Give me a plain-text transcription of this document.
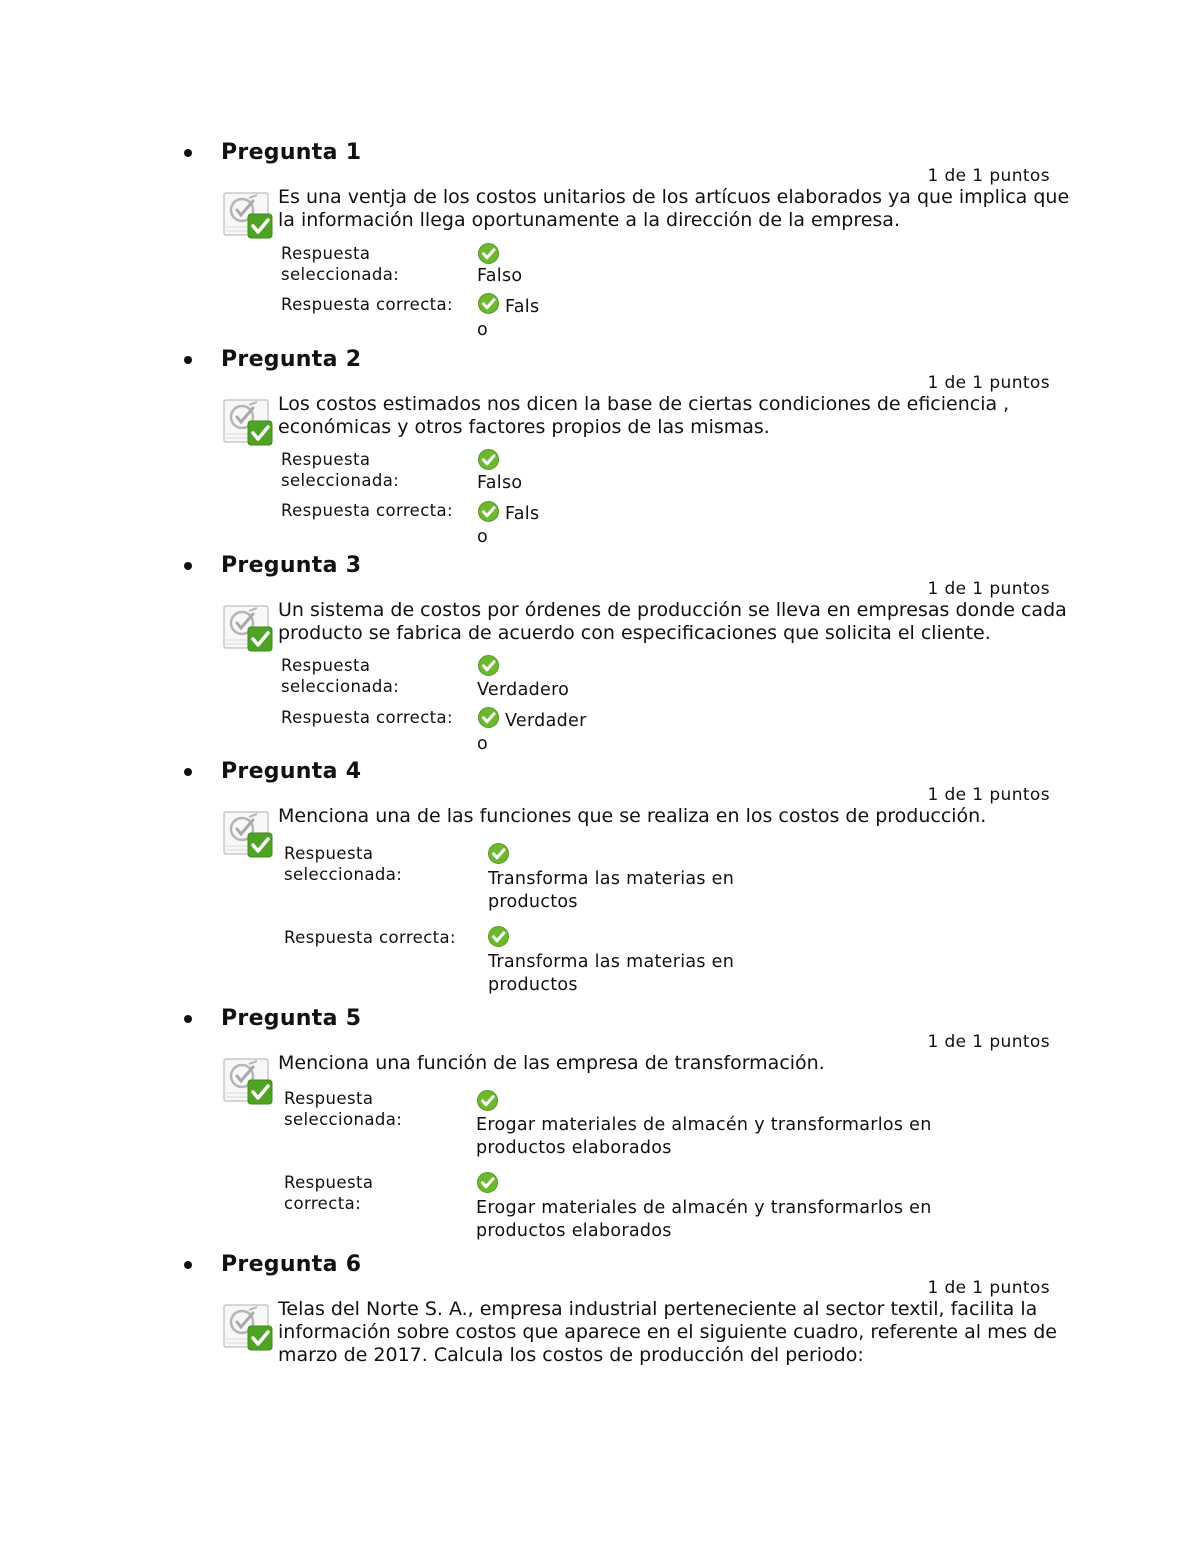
Pregunta 1
1 de 1 puntos
Es una ventja de los costos unitarios de los artícuos elaborados ya que implica que la información llega oportunamente a la dirección de la empresa.
Respuesta seleccionada:	Falso
Respuesta correcta:	Falso
Pregunta 2
1 de 1 puntos
Los costos estimados nos dicen la base de ciertas condiciones de eficiencia , económicas y otros factores propios de las mismas.
Respuesta seleccionada:	Falso
Respuesta correcta:	Falso
Pregunta 3
1 de 1 puntos
Un sistema de costos por órdenes de producción se lleva en empresas donde cada producto se fabrica de acuerdo con especificaciones que solicita el cliente.
Respuesta seleccionada:	Verdadero
Respuesta correcta:	Verdadero
Pregunta 4
1 de 1 puntos
Menciona una de las funciones que se realiza en los costos de producción.
Respuesta seleccionada:	Transforma las materias en productos
Respuesta correcta:
Transforma las materias en productos
Pregunta 5
1 de 1 puntos
Menciona una función de las empresa de transformación.
Respuesta seleccionada:	Erogar materiales de almacén y transformarlos en productos elaborados
Respuesta correcta:	Erogar materiales de almacén y transformarlos en productos elaborados
Pregunta 6
1 de 1 puntos
Telas del Norte S. A., empresa industrial perteneciente al sector textil, facilita la información sobre costos que aparece en el siguiente cuadro, referente al mes de marzo de 2017. Calcula los costos de producción del periodo:
